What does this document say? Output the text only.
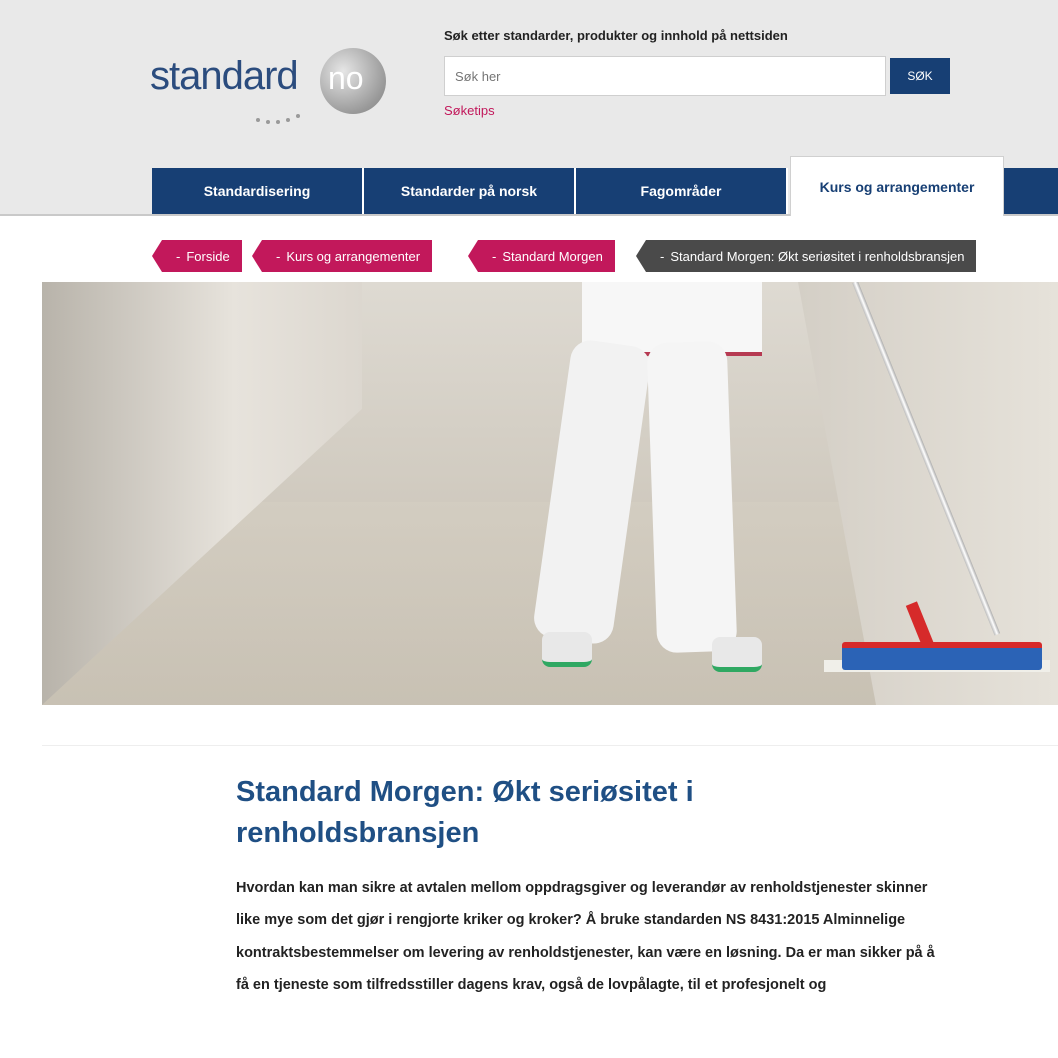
standard no
Søk etter standarder, produkter og innhold på nettsiden
Søk her
SØK
Søketips
Standardisering	Standarder på norsk	Fagområder	Kurs og arrangementer
- Forside	- Kurs og arrangementer	- Standard Morgen	- Standard Morgen: Økt seriøsitet i renholdsbransjen
Standard Morgen: Økt seriøsitet i renholdsbransjen

Hvordan kan man sikre at avtalen mellom oppdragsgiver og leverandør av renholdstjenester skinner like mye som det gjør i rengjorte kriker og kroker? Å bruke standarden NS 8431:2015 Alminnelige kontraktsbestemmelser om levering av renholdstjenester, kan være en løsning. Da er man sikker på å få en tjeneste som tilfredsstiller dagens krav, også de lovpålagte, til et profesjonelt og
